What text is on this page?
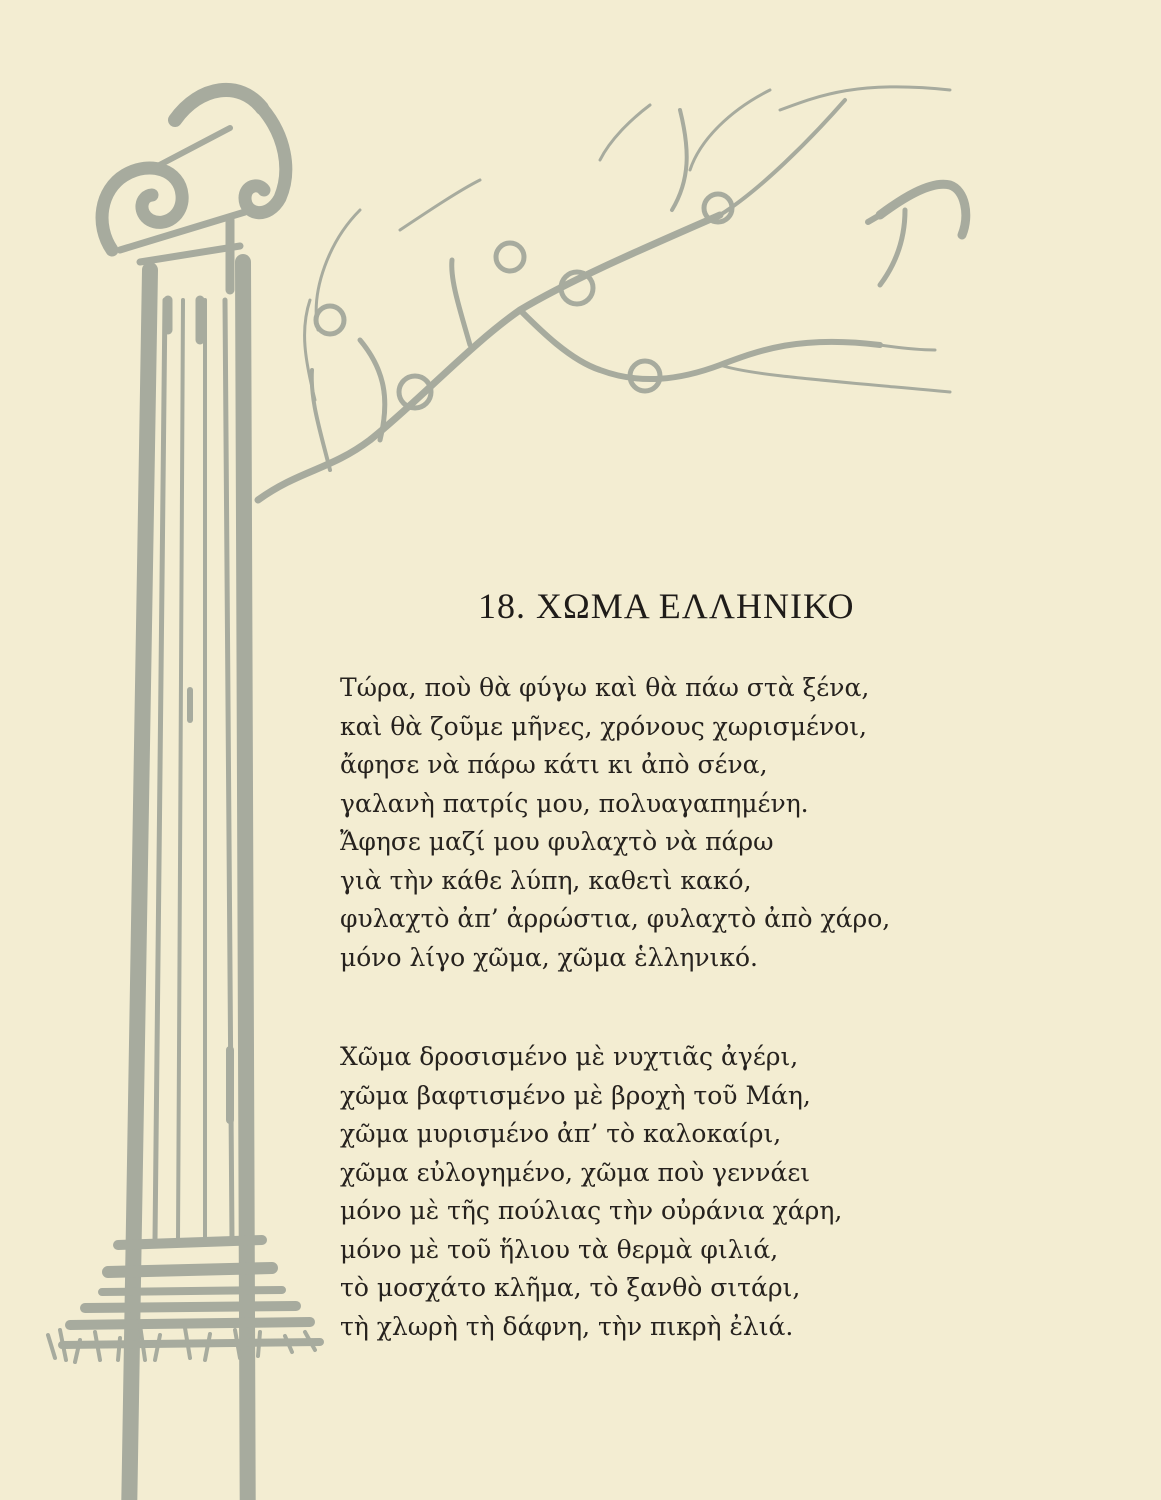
18. ΧΩΜΑ ΕΛΛΗΝΙΚΟ
Τώρα, ποὺ θὰ φύγω καὶ θὰ πάω στὰ ξένα,
καὶ θὰ ζοῦμε μῆνες, χρόνους χωρισμένοι,
ἄφησε νὰ πάρω κάτι κι ἀπὸ σένα,
γαλανὴ πατρίς μου, πολυαγαπημένη.
Ἄφησε μαζί μου φυλαχτὸ νὰ πάρω
γιὰ τὴν κάθε λύπη, καθετὶ κακό,
φυλαχτὸ ἀπ’ ἀρρώστια, φυλαχτὸ ἀπὸ χάρο,
μόνο λίγο χῶμα, χῶμα ἑλληνικό.
Χῶμα δροσισμένο μὲ νυχτιᾶς ἀγέρι,
χῶμα βαφτισμένο μὲ βροχὴ τοῦ Μάη,
χῶμα μυρισμένο ἀπ’ τὸ καλοκαίρι,
χῶμα εὐλογημένο, χῶμα ποὺ γεννάει
μόνο μὲ τῆς πούλιας τὴν οὐράνια χάρη,
μόνο μὲ τοῦ ἥλιου τὰ θερμὰ φιλιά,
τὸ μοσχάτο κλῆμα, τὸ ξανθὸ σιτάρι,
τὴ χλωρὴ τὴ δάφνη, τὴν πικρὴ ἐλιά.
